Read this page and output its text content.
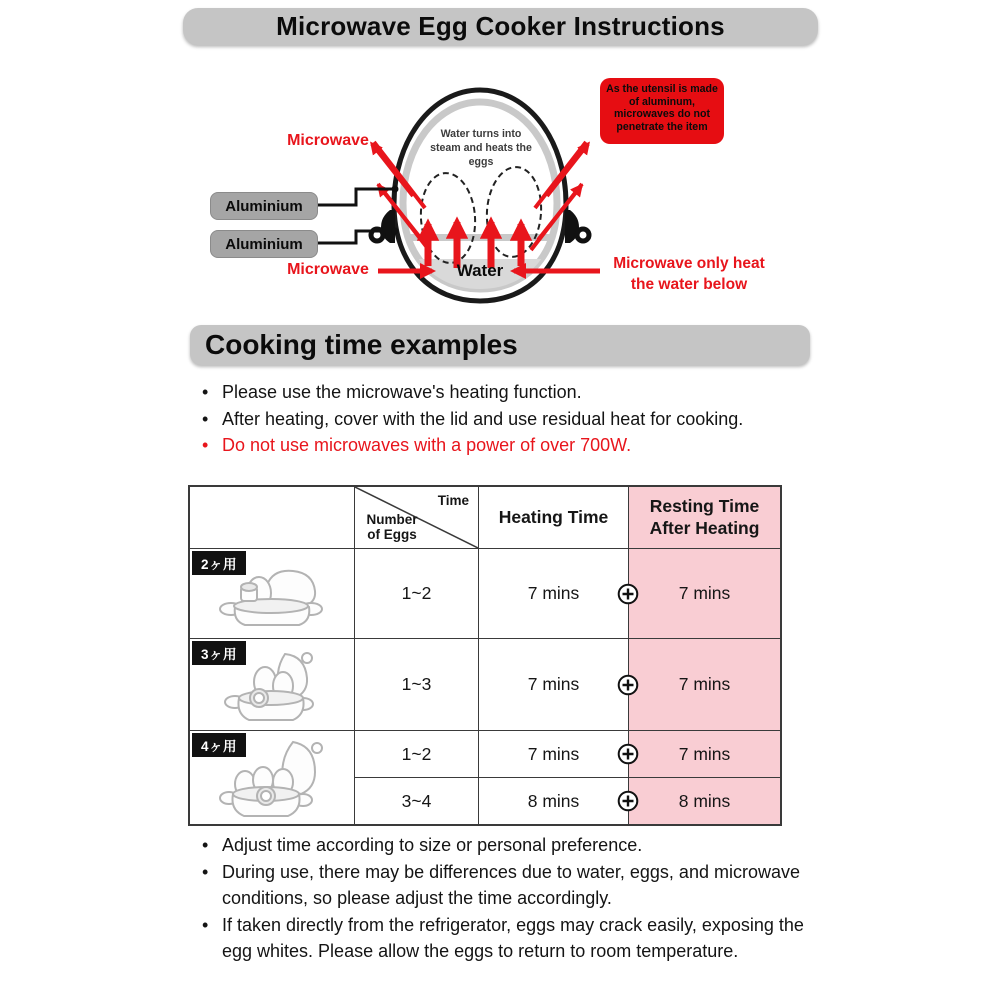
Microwave Egg Cooker Instructions
Microwave
As the utensil is made of aluminum, microwaves do not penetrate the item
Water turns into steam and heats the eggs
Aluminium
Aluminium
Microwave	Water	Microwave only heat the water below
Cooking time examples
• Please use the microwave's heating function.
• After heating, cover with the lid and use residual heat for cooking.
• Do not use microwaves with a power of over 700W.
Time
Number of Eggs
Heating Time
Resting Time After Heating
2ヶ用
1~2	7 mins	7 mins
3ヶ用
1~3	7 mins	7 mins
4ヶ用	1~2	7 mins	7 mins
3~4	8 mins	8 mins
• Adjust time according to size or personal preference.
• During use, there may be differences due to water, eggs, and microwave conditions, so please adjust the time accordingly.
• If taken directly from the refrigerator, eggs may crack easily, exposing the egg whites. Please allow the eggs to return to room temperature.
